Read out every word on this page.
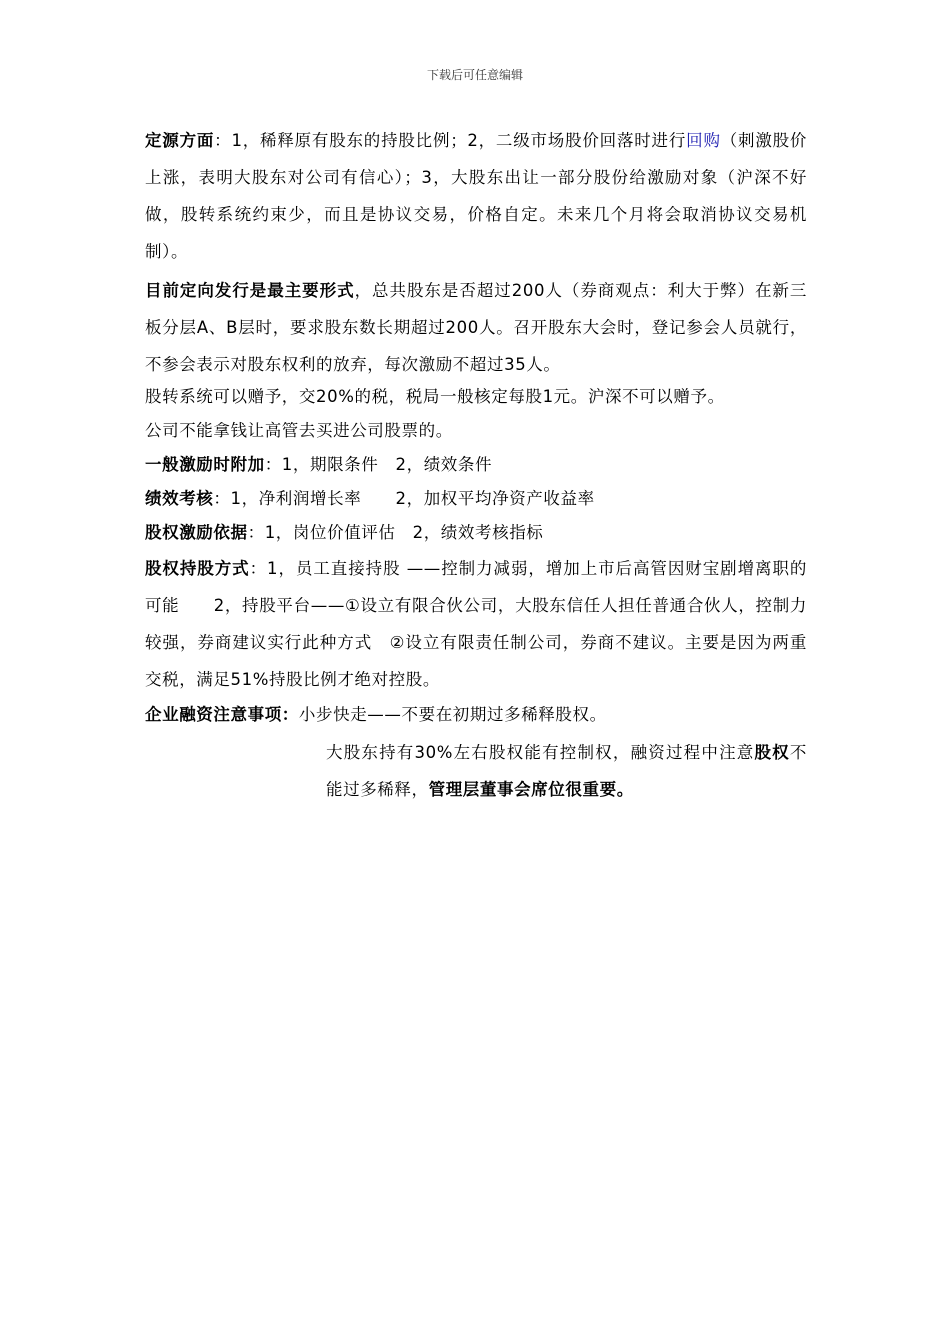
下载后可任意编辑

定源方面：1，稀释原有股东的持股比例；2，二级市场股价回落时进行回购（刺激股价上涨，表明大股东对公司有信心）；3，大股东出让一部分股份给激励对象（沪深不好做，股转系统约束少，而且是协议交易，价格自定。未来几个月将会取消协议交易机制）。

目前定向发行是最主要形式，总共股东是否超过200人（券商观点：利大于弊）在新三板分层A、B层时，要求股东数长期超过200人。召开股东大会时，登记参会人员就行，不参会表示对股东权利的放弃，每次激励不超过35人。

股转系统可以赠予，交20%的税，税局一般核定每股1元。沪深不可以赠予。

公司不能拿钱让高管去买进公司股票的。

一般激励时附加：1，期限条件　2，绩效条件

绩效考核：1，净利润增长率　　2，加权平均净资产收益率

股权激励依据：1，岗位价值评估　2，绩效考核指标

股权持股方式：1，员工直接持股 ——控制力减弱，增加上市后高管因财宝剧增离职的可能　　2，持股平台——①设立有限合伙公司，大股东信任人担任普通合伙人，控制力较强，券商建议实行此种方式　②设立有限责任制公司，券商不建议。主要是因为两重交税，满足51%持股比例才绝对控股。

企业融资注意事项：小步快走——不要在初期过多稀释股权。

大股东持有30%左右股权能有控制权，融资过程中注意股权不能过多稀释，管理层董事会席位很重要。
